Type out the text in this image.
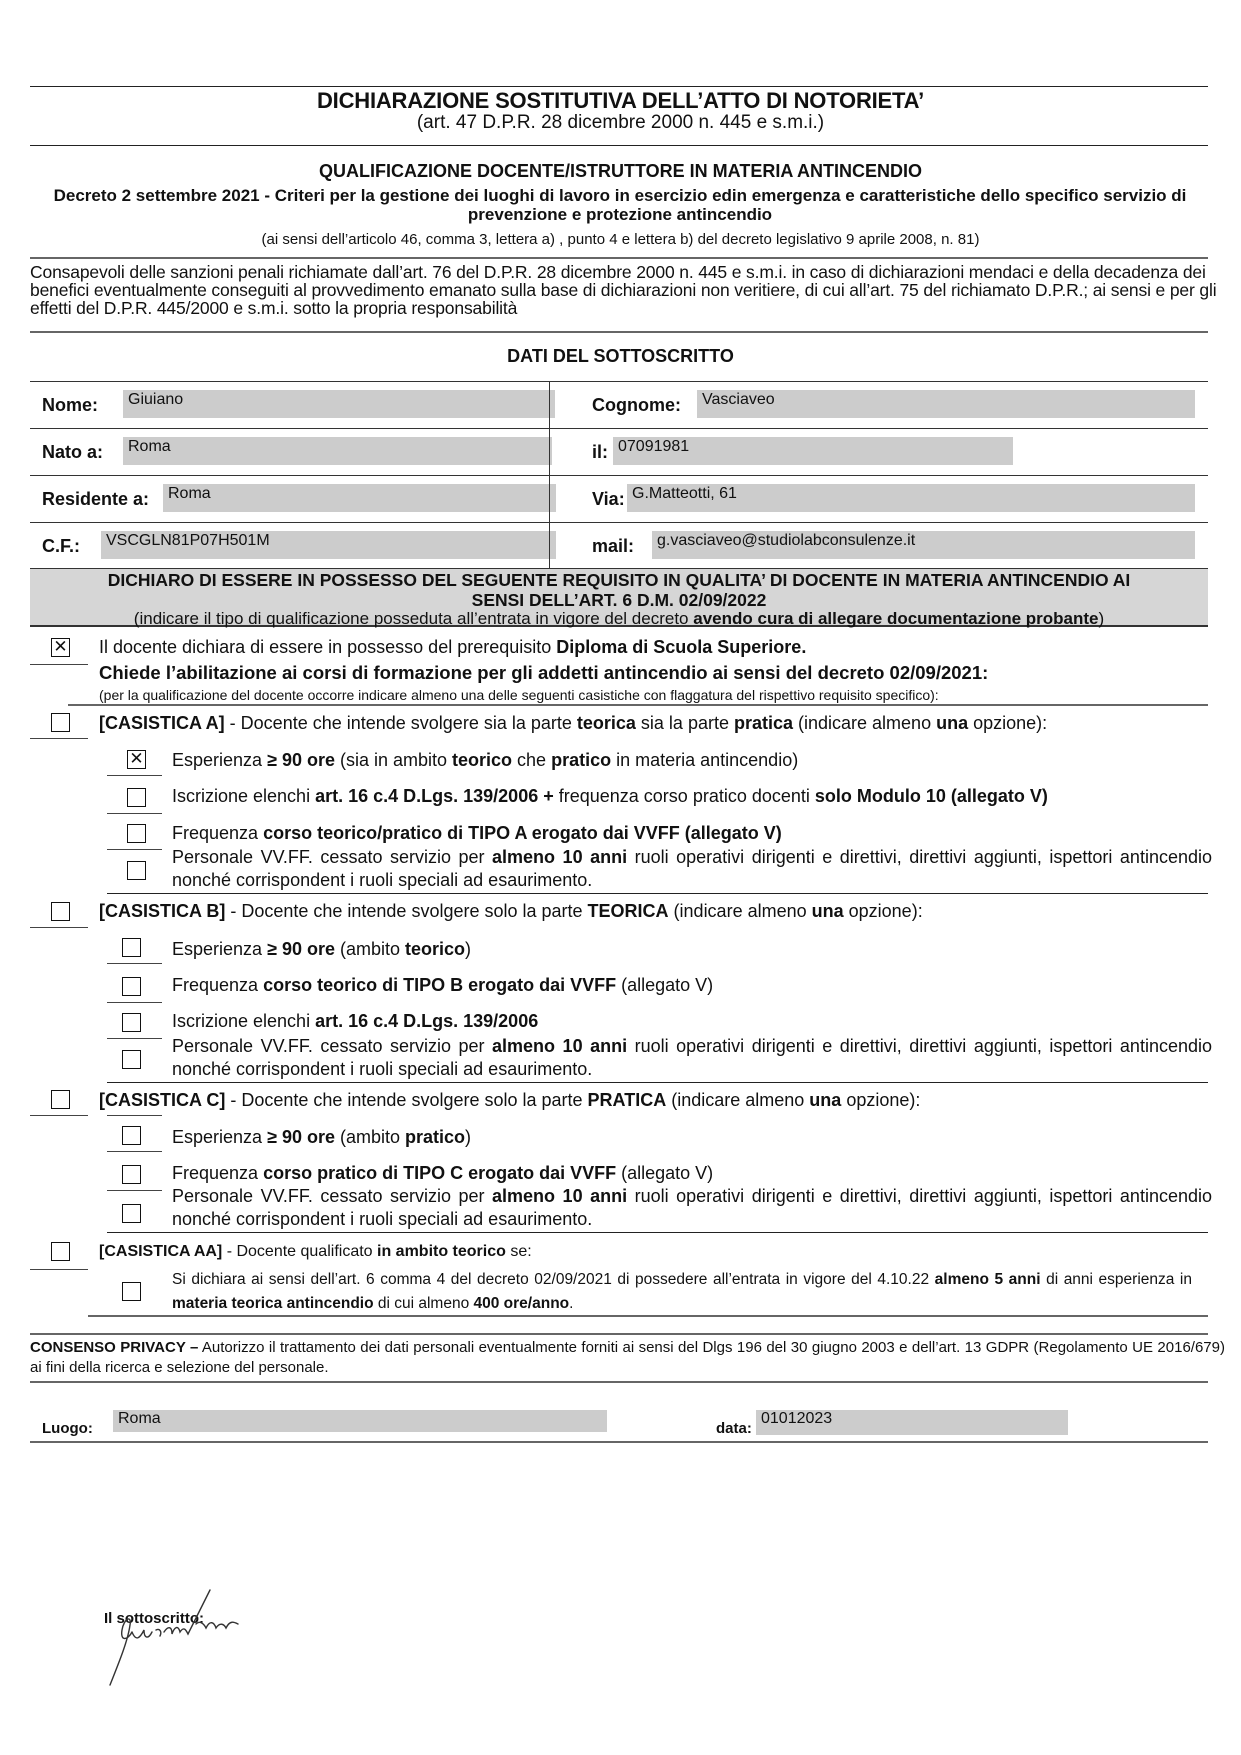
DICHIARAZIONE SOSTITUTIVA DELL’ATTO DI NOTORIETA’
(art. 47 D.P.R. 28 dicembre 2000 n. 445 e s.m.i.)
QUALIFICAZIONE DOCENTE/ISTRUTTORE IN MATERIA ANTINCENDIO
Decreto 2 settembre 2021 - Criteri per la gestione dei luoghi di lavoro in esercizio edin emergenza e caratteristiche dello specifico servizio di prevenzione e protezione antincendio
(ai sensi dell’articolo 46, comma 3, lettera a) , punto 4 e lettera b) del decreto legislativo 9 aprile 2008, n. 81)
Consapevoli delle sanzioni penali richiamate dall’art. 76 del D.P.R. 28 dicembre 2000 n. 445 e s.m.i. in caso di dichiarazioni mendaci e della decadenza dei benefici eventualmente conseguiti al provvedimento emanato sulla base di dichiarazioni non veritiere, di cui all’art. 75 del richiamato D.P.R.; ai sensi e per gli effetti del D.P.R. 445/2000 e s.m.i. sotto la propria responsabilità
DATI DEL SOTTOSCRITTO
Nome:	Giuiano	Cognome:	Vasciaveo
Nato a:	Roma	il: 07091981
Residente a:	Roma	Via: G.Matteotti, 61
C.F.:	VSCGLN81P07H501M	mail:	g.vasciaveo@studiolabconsulenze.it
DICHIARO DI ESSERE IN POSSESSO DEL SEGUENTE REQUISITO IN QUALITA’ DI DOCENTE IN MATERIA ANTINCENDIO AI
SENSI DELL’ART. 6 D.M. 02/09/2022
(indicare il tipo di qualificazione posseduta all’entrata in vigore del decreto avendo cura di allegare documentazione probante)
✕ Il docente dichiara di essere in possesso del prerequisito Diploma di Scuola Superiore.
Chiede l’abilitazione ai corsi di formazione per gli addetti antincendio ai sensi del decreto 02/09/2021:
(per la qualificazione del docente occorre indicare almeno una delle seguenti casistiche con flaggatura del rispettivo requisito specifico):
[CASISTICA A] - Docente che intende svolgere sia la parte teorica sia la parte pratica (indicare almeno una opzione):
✕ Esperienza ≥ 90 ore (sia in ambito teorico che pratico in materia antincendio)
Iscrizione elenchi art. 16 c.4 D.Lgs. 139/2006 + frequenza corso pratico docenti solo Modulo 10 (allegato V)
Frequenza corso teorico/pratico di TIPO A erogato dai VVFF (allegato V)
Personale VV.FF. cessato servizio per almeno 10 anni ruoli operativi dirigenti e direttivi, direttivi aggiunti, ispettori antincendio nonché corrispondent i ruoli speciali ad esaurimento.
[CASISTICA B] - Docente che intende svolgere solo la parte TEORICA (indicare almeno una opzione):
Esperienza ≥ 90 ore (ambito teorico)
Frequenza corso teorico di TIPO B erogato dai VVFF (allegato V)
Iscrizione elenchi art. 16 c.4 D.Lgs. 139/2006
Personale VV.FF. cessato servizio per almeno 10 anni ruoli operativi dirigenti e direttivi, direttivi aggiunti, ispettori antincendio nonché corrispondent i ruoli speciali ad esaurimento.
[CASISTICA C] - Docente che intende svolgere solo la parte PRATICA (indicare almeno una opzione):
Esperienza ≥ 90 ore (ambito pratico)
Frequenza corso pratico di TIPO C erogato dai VVFF (allegato V)
Personale VV.FF. cessato servizio per almeno 10 anni ruoli operativi dirigenti e direttivi, direttivi aggiunti, ispettori antincendio nonché corrispondent i ruoli speciali ad esaurimento.
[CASISTICA AA] - Docente qualificato in ambito teorico se:
Si dichiara ai sensi dell’art. 6 comma 4 del decreto 02/09/2021 di possedere all’entrata in vigore del 4.10.22 almeno 5 anni di anni esperienza in materia teorica antincendio di cui almeno 400 ore/anno.
CONSENSO PRIVACY – Autorizzo il trattamento dei dati personali eventualmente forniti ai sensi del Dlgs 196 del 30 giugno 2003 e dell’art. 13 GDPR (Regolamento UE 2016/679) ai fini della ricerca e selezione del personale.
Luogo:
Roma
data:
01012023
Il sottoscritto:
